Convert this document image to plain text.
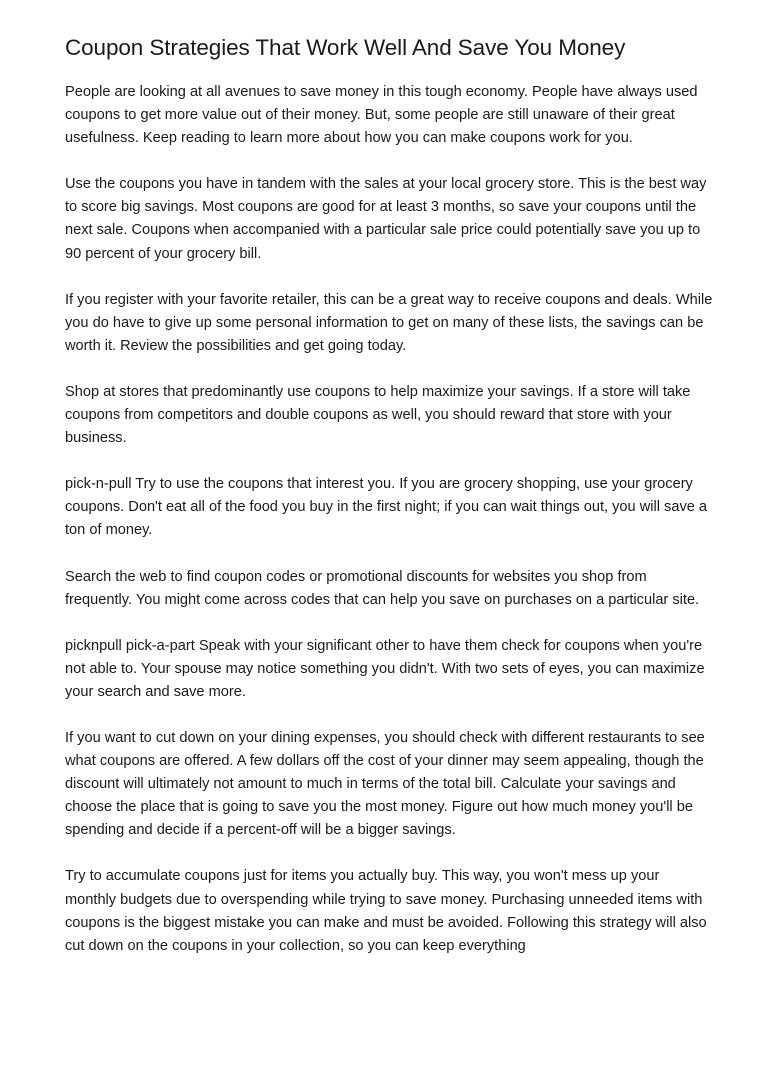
Coupon Strategies That Work Well And Save You Money

People are looking at all avenues to save money in this tough economy. People have always used coupons to get more value out of their money. But, some people are still unaware of their great usefulness. Keep reading to learn more about how you can make coupons work for you.

Use the coupons you have in tandem with the sales at your local grocery store. This is the best way to score big savings. Most coupons are good for at least 3 months, so save your coupons until the next sale. Coupons when accompanied with a particular sale price could potentially save you up to 90 percent of your grocery bill.

If you register with your favorite retailer, this can be a great way to receive coupons and deals. While you do have to give up some personal information to get on many of these lists, the savings can be worth it. Review the possibilities and get going today.

Shop at stores that predominantly use coupons to help maximize your savings. If a store will take coupons from competitors and double coupons as well, you should reward that store with your business.

pick-n-pull Try to use the coupons that interest you. If you are grocery shopping, use your grocery coupons. Don't eat all of the food you buy in the first night; if you can wait things out, you will save a ton of money.

Search the web to find coupon codes or promotional discounts for websites you shop from frequently. You might come across codes that can help you save on purchases on a particular site.

picknpull pick-a-part Speak with your significant other to have them check for coupons when you're not able to. Your spouse may notice something you didn't. With two sets of eyes, you can maximize your search and save more.

If you want to cut down on your dining expenses, you should check with different restaurants to see what coupons are offered. A few dollars off the cost of your dinner may seem appealing, though the discount will ultimately not amount to much in terms of the total bill. Calculate your savings and choose the place that is going to save you the most money. Figure out how much money you'll be spending and decide if a percent-off will be a bigger savings.

Try to accumulate coupons just for items you actually buy. This way, you won't mess up your monthly budgets due to overspending while trying to save money. Purchasing unneeded items with coupons is the biggest mistake you can make and must be avoided. Following this strategy will also cut down on the coupons in your collection, so you can keep everything
